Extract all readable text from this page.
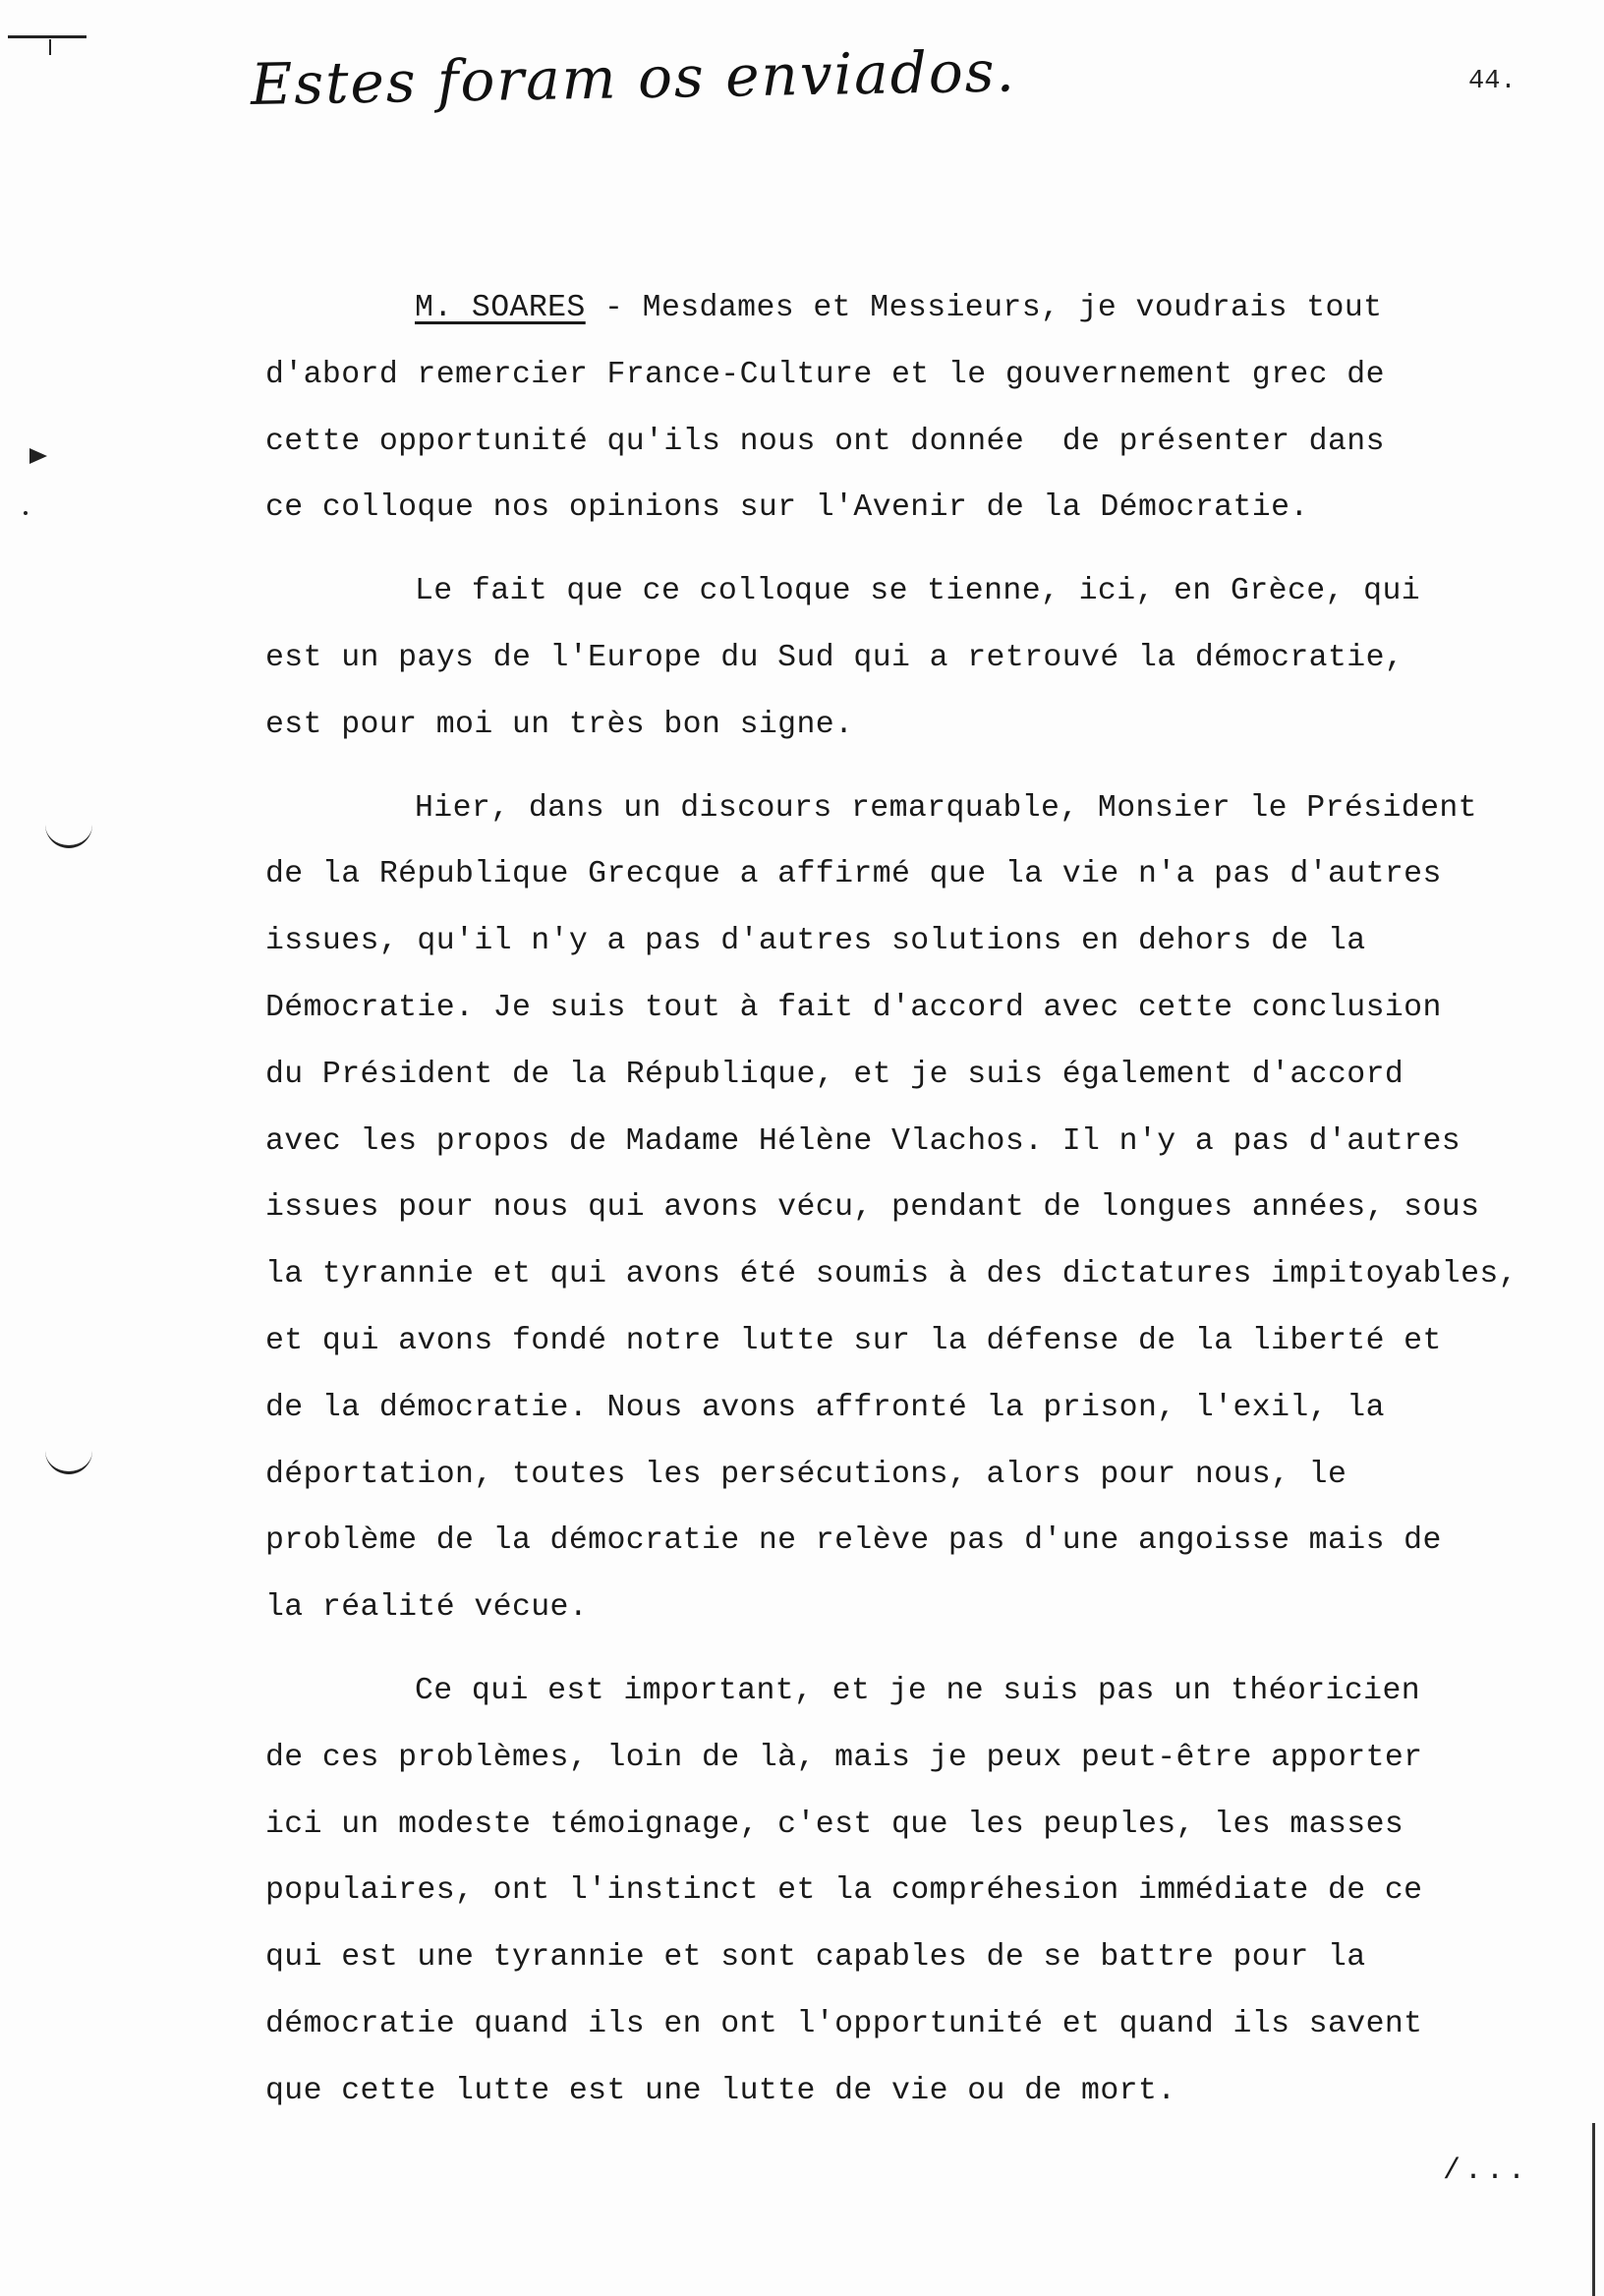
Estes foram os enviados.	44.
M. SOARES - Mesdames et Messieurs, je voudrais tout
d'abord remercier France-Culture et le gouvernement grec de
cette opportunité qu'ils nous ont donnée  de présenter dans
ce colloque nos opinions sur l'Avenir de la Démocratie.
Le fait que ce colloque se tienne, ici, en Grèce, qui
est un pays de l'Europe du Sud qui a retrouvé la démocratie,
est pour moi un très bon signe.
Hier, dans un discours remarquable, Monsier le Président
de la République Grecque a affirmé que la vie n'a pas d'autres
issues, qu'il n'y a pas d'autres solutions en dehors de la
Démocratie. Je suis tout à fait d'accord avec cette conclusion
du Président de la République, et je suis également d'accord
avec les propos de Madame Hélène Vlachos. Il n'y a pas d'autres
issues pour nous qui avons vécu, pendant de longues années, sous
la tyrannie et qui avons été soumis à des dictatures impitoyables,
et qui avons fondé notre lutte sur la défense de la liberté et
de la démocratie. Nous avons affronté la prison, l'exil, la
déportation, toutes les persécutions, alors pour nous, le
problème de la démocratie ne relève pas d'une angoisse mais de
la réalité vécue.
Ce qui est important, et je ne suis pas un théoricien
de ces problèmes, loin de là, mais je peux peut-être apporter
ici un modeste témoignage, c'est que les peuples, les masses
populaires, ont l'instinct et la compréhesion immédiate de ce
qui est une tyrannie et sont capables de se battre pour la
démocratie quand ils en ont l'opportunité et quand ils savent
que cette lutte est une lutte de vie ou de mort.
/...
